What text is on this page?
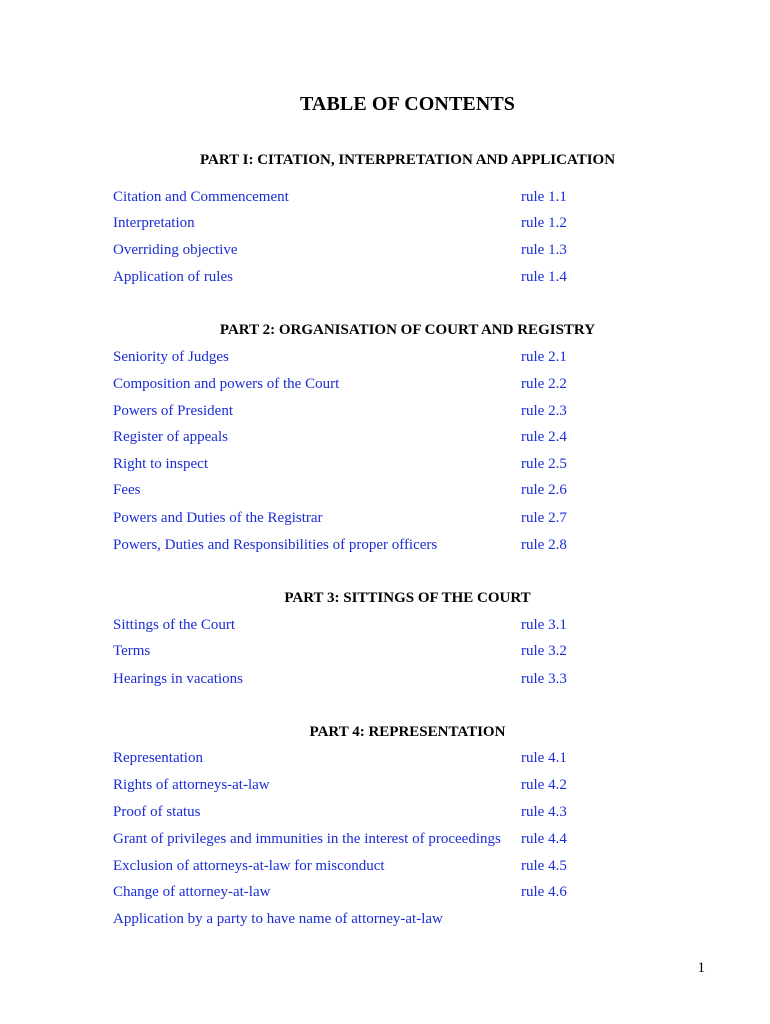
TABLE OF CONTENTS
PART I: CITATION, INTERPRETATION AND APPLICATION
Citation and Commencement	rule 1.1
Interpretation	rule 1.2
Overriding objective	rule 1.3
Application of rules	rule 1.4
PART 2: ORGANISATION OF COURT AND REGISTRY
Seniority of Judges	rule 2.1
Composition and powers of the Court	rule 2.2
Powers of President	rule 2.3
Register of appeals	rule 2.4
Right to inspect	rule 2.5
Fees	rule 2.6
Powers and Duties of the Registrar	rule 2.7
Powers, Duties and Responsibilities of proper officers	rule 2.8
PART 3: SITTINGS OF THE COURT
Sittings of the Court	rule 3.1
Terms	rule 3.2
Hearings in vacations	rule 3.3
PART 4: REPRESENTATION
Representation	rule 4.1
Rights of attorneys-at-law	rule 4.2
Proof of status	rule 4.3
Grant of privileges and immunities in the interest of proceedings rule 4.4
Exclusion of attorneys-at-law for misconduct	rule 4.5
Change of attorney-at-law	rule 4.6
Application by a party to have name of attorney-at-law
1
